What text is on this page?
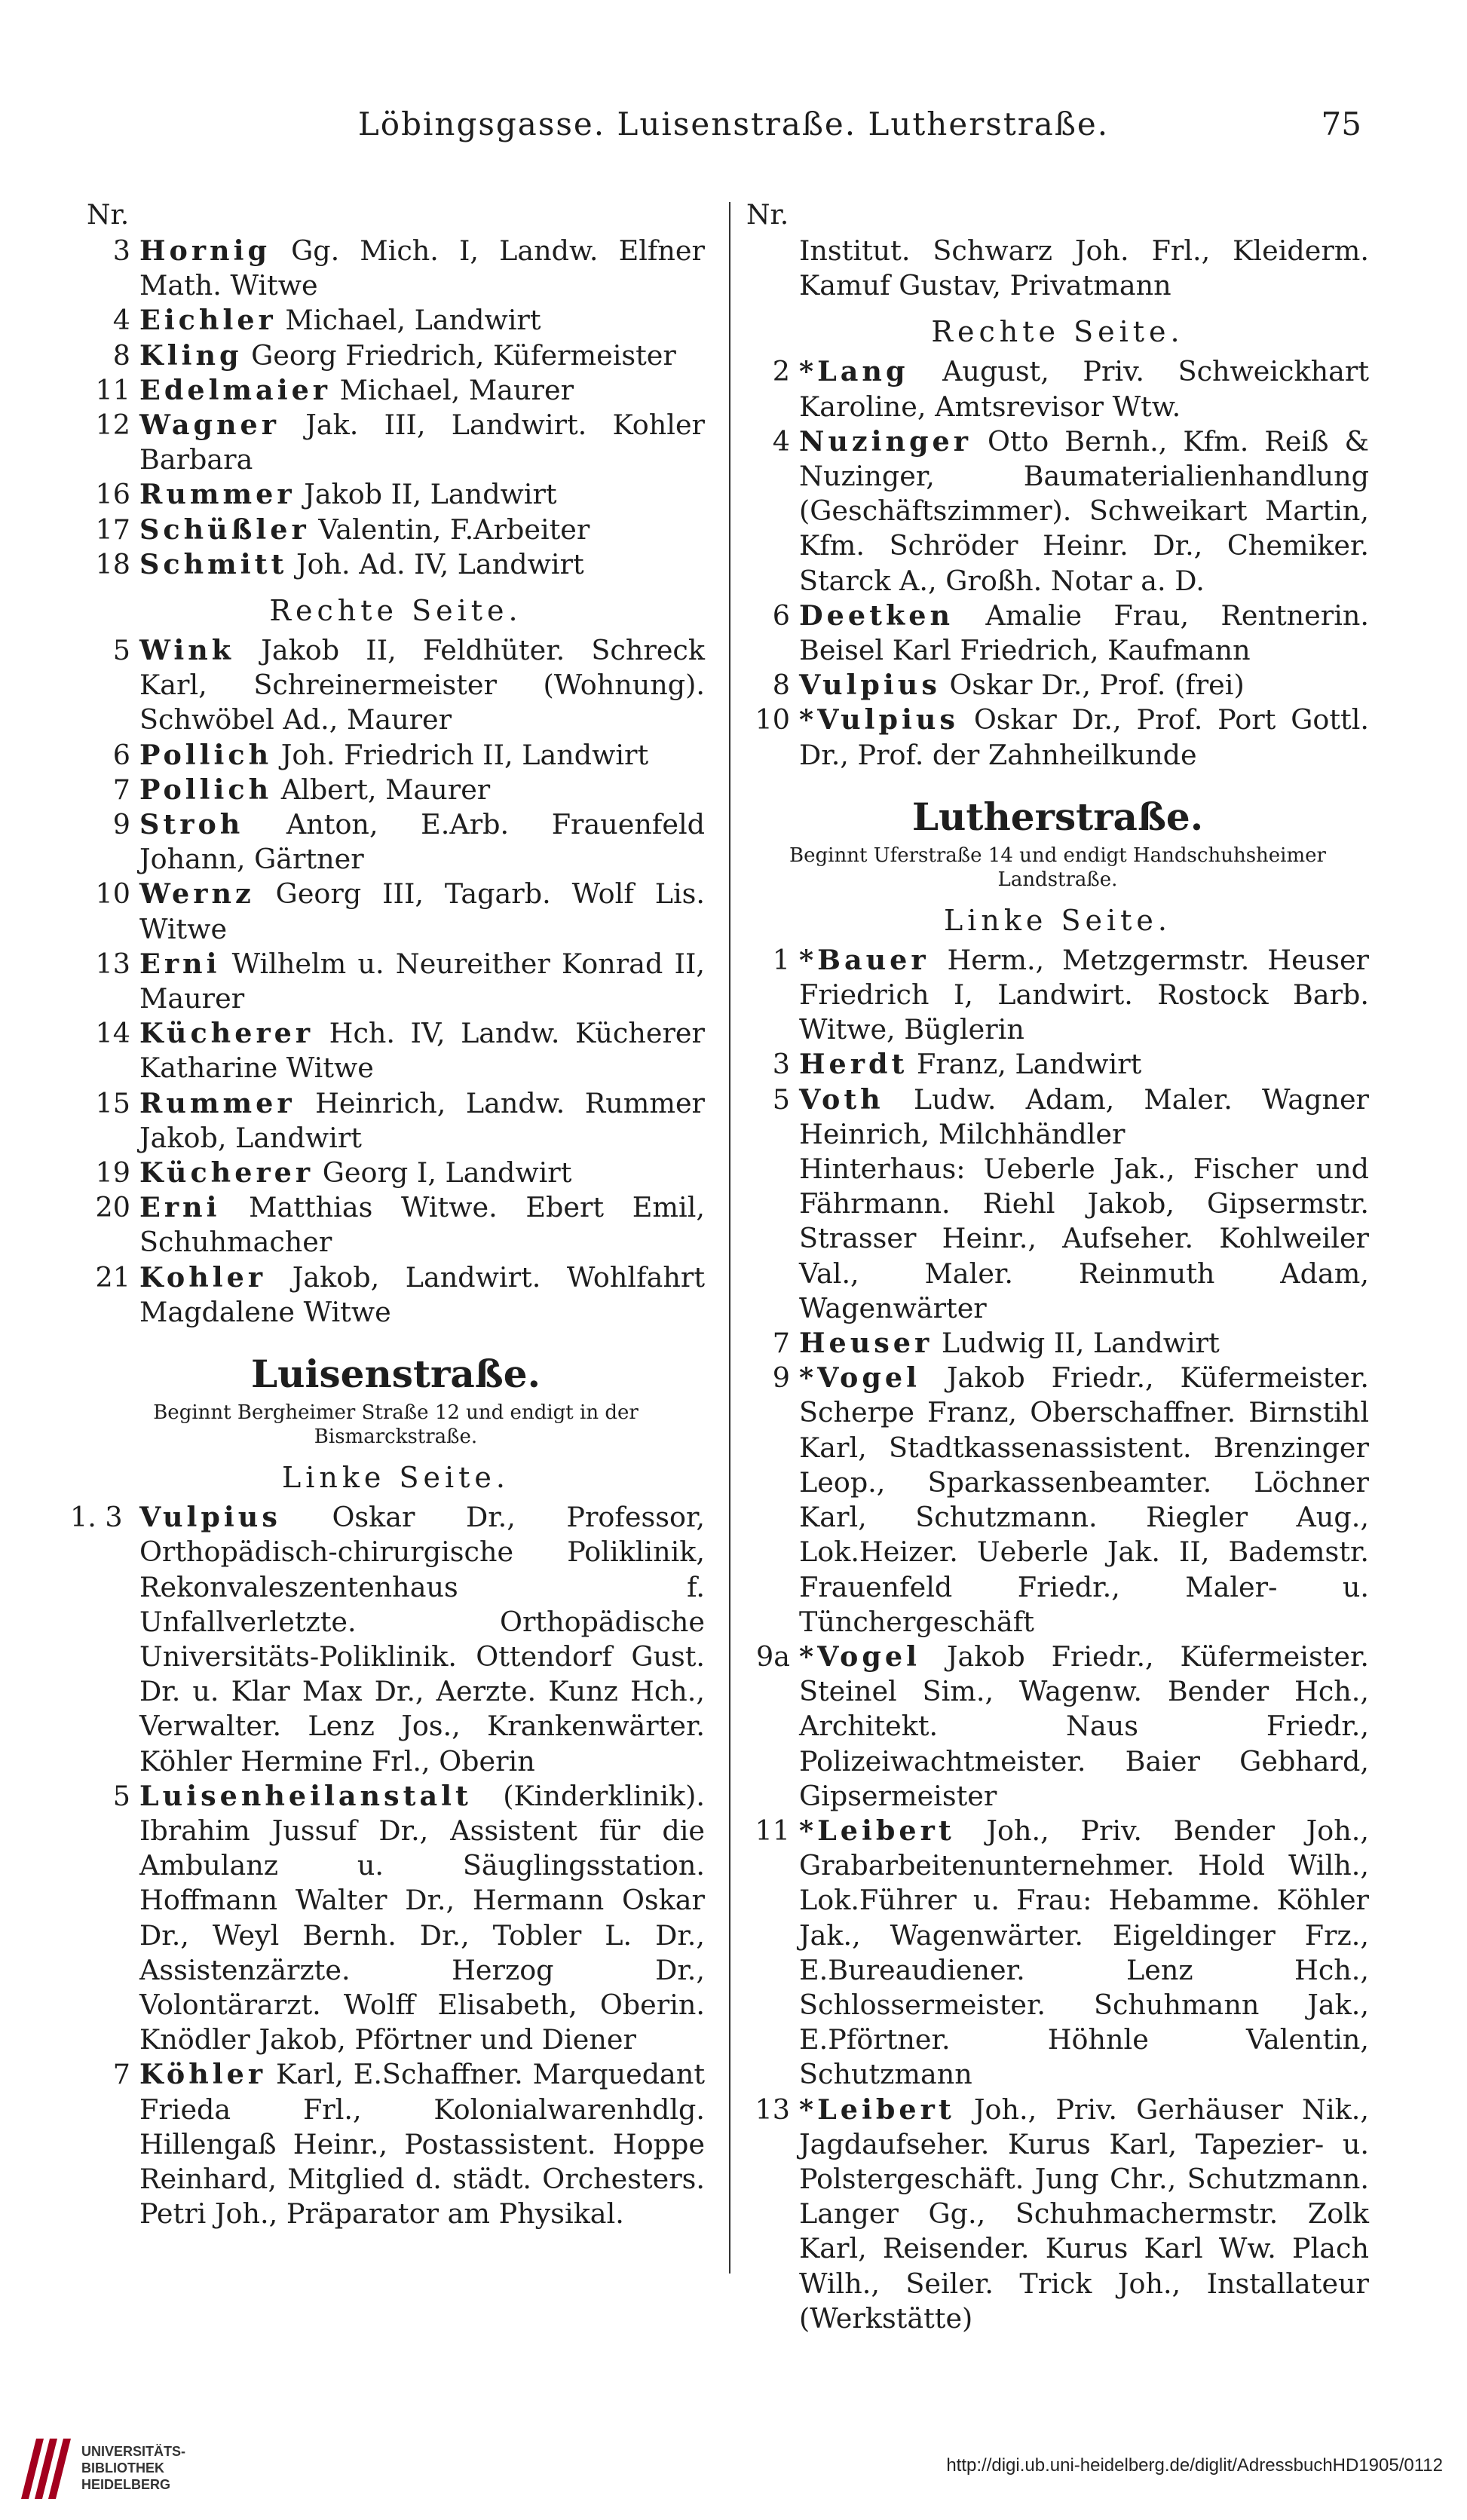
Löbingsgasse. Luisenstraße. Lutherstraße.	75
Nr.
3 Hornig Gg. Mich. I, Landw. Elfner Math. Witwe
4 Eichler Michael, Landwirt
8 Kling Georg Friedrich, Küfermeister
11 Edelmaier Michael, Maurer
12 Wagner Jak. III, Landwirt. Kohler Barbara
16 Rummer Jakob II, Landwirt
17 Schüßler Valentin, F.Arbeiter
18 Schmitt Joh. Ad. IV, Landwirt
Rechte Seite.
5 Wink Jakob II, Feldhüter. Schreck Karl, Schreinermeister (Wohnung). Schwöbel Ad., Maurer
6 Pollich Joh. Friedrich II, Landwirt
7 Pollich Albert, Maurer
9 Stroh Anton, E.Arb. Frauenfeld Johann, Gärtner
10 Wernz Georg III, Tagarb. Wolf Lis. Witwe
13 Erni Wilhelm u. Neureither Konrad II, Maurer
14 Kücherer Hch. IV, Landw. Kücherer Katharine Witwe
15 Rummer Heinrich, Landw. Rummer Jakob, Landwirt
19 Kücherer Georg I, Landwirt
20 Erni Matthias Witwe. Ebert Emil, Schuhmacher
21 Kohler Jakob, Landwirt. Wohlfahrt Magdalene Witwe
Luisenstraße.
Beginnt Bergheimer Straße 12 und endigt in der Bismarckstraße.
Linke Seite.
1. 3 Vulpius Oskar Dr., Professor, Orthopädisch-chirurgische Poliklinik, Rekonvaleszentenhaus f. Unfallverletzte. Orthopädische Universitäts-Poliklinik. Ottendorf Gust. Dr. u. Klar Max Dr., Aerzte. Kunz Hch., Verwalter. Lenz Jos., Krankenwärter. Köhler Hermine Frl., Oberin
5 Luisenheilanstalt (Kinderklinik). Ibrahim Jussuf Dr., Assistent für die Ambulanz u. Säuglingsstation. Hoffmann Walter Dr., Hermann Oskar Dr., Weyl Bernh. Dr., Tobler L. Dr., Assistenzärzte. Herzog Dr., Volontärarzt. Wolff Elisabeth, Oberin. Knödler Jakob, Pförtner und Diener
7 Köhler Karl, E.Schaffner. Marquedant Frieda Frl., Kolonialwarenhdlg. Hillengaß Heinr., Postassistent. Hoppe Reinhard, Mitglied d. städt. Orchesters. Petri Joh., Präparator am Physikal.
Nr.
Institut. Schwarz Joh. Frl., Kleiderm. Kamuf Gustav, Privatmann
Rechte Seite.
2 *Lang August, Priv. Schweickhart Karoline, Amtsrevisor Wtw.
4 Nuzinger Otto Bernh., Kfm. Reiß & Nuzinger, Baumaterialienhandlung (Geschäftszimmer). Schweikart Martin, Kfm. Schröder Heinr. Dr., Chemiker. Starck A., Großh. Notar a. D.
6 Deetken Amalie Frau, Rentnerin. Beisel Karl Friedrich, Kaufmann
8 Vulpius Oskar Dr., Prof. (frei)
10 *Vulpius Oskar Dr., Prof. Port Gottl. Dr., Prof. der Zahnheilkunde
Lutherstraße.
Beginnt Uferstraße 14 und endigt Handschuhsheimer Landstraße.
Linke Seite.
1 *Bauer Herm., Metzgermstr. Heuser Friedrich I, Landwirt. Rostock Barb. Witwe, Büglerin
3 Herdt Franz, Landwirt
5 Voth Ludw. Adam, Maler. Wagner Heinrich, Milchhändler
Hinterhaus: Ueberle Jak., Fischer und Fährmann. Riehl Jakob, Gipsermstr. Strasser Heinr., Aufseher. Kohlweiler Val., Maler. Reinmuth Adam, Wagenwärter
7 Heuser Ludwig II, Landwirt
9 *Vogel Jakob Friedr., Küfermeister. Scherpe Franz, Oberschaffner. Birnstihl Karl, Stadtkassenassistent. Brenzinger Leop., Sparkassenbeamter. Löchner Karl, Schutzmann. Riegler Aug., Lok.Heizer. Ueberle Jak. II, Bademstr. Frauenfeld Friedr., Maler- u. Tünchergeschäft
9a *Vogel Jakob Friedr., Küfermeister. Steinel Sim., Wagenw. Bender Hch., Architekt. Naus Friedr., Polizeiwachtmeister. Baier Gebhard, Gipsermeister
11 *Leibert Joh., Priv. Bender Joh., Grabarbeitenunternehmer. Hold Wilh., Lok.Führer u. Frau: Hebamme. Köhler Jak., Wagenwärter. Eigeldinger Frz., E.Bureaudiener. Lenz Hch., Schlossermeister. Schuhmann Jak., E.Pförtner. Höhnle Valentin, Schutzmann
13 *Leibert Joh., Priv. Gerhäuser Nik., Jagdaufseher. Kurus Karl, Tapezier- u. Polstergeschäft. Jung Chr., Schutzmann. Langer Gg., Schuhmachermstr. Zolk Karl, Reisender. Kurus Karl Ww. Plach Wilh., Seiler. Trick Joh., Installateur (Werkstätte)
UNIVERSITÄTS-
BIBLIOTHEK
HEIDELBERG
http://digi.ub.uni-heidelberg.de/diglit/AdressbuchHD1905/0112
